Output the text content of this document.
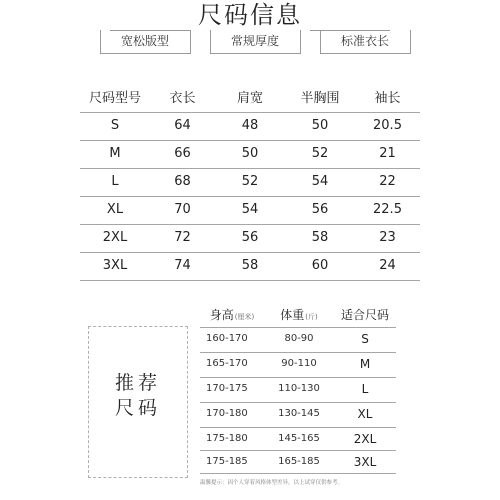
尺码信息
宽松版型	常规厚度	标准衣长
尺码型号	衣长	肩宽	半胸围	袖长
S	64	48	50	20.5
M	66	50	52	21
L	68	52	54	22
XL	70	54	56	22.5
2XL	72	56	58	23
3XL	74	58	60	24
推荐
尺码
身高(厘米)	体重(斤)	适合尺码
160-170	80-90	S
165-170	90-110	M
170-175	110-130	L
170-180	130-145	XL
175-180	145-165	2XL
175-185	165-185	3XL
温馨提示：因个人穿着风格体型差异，以上试穿仅供参考。
